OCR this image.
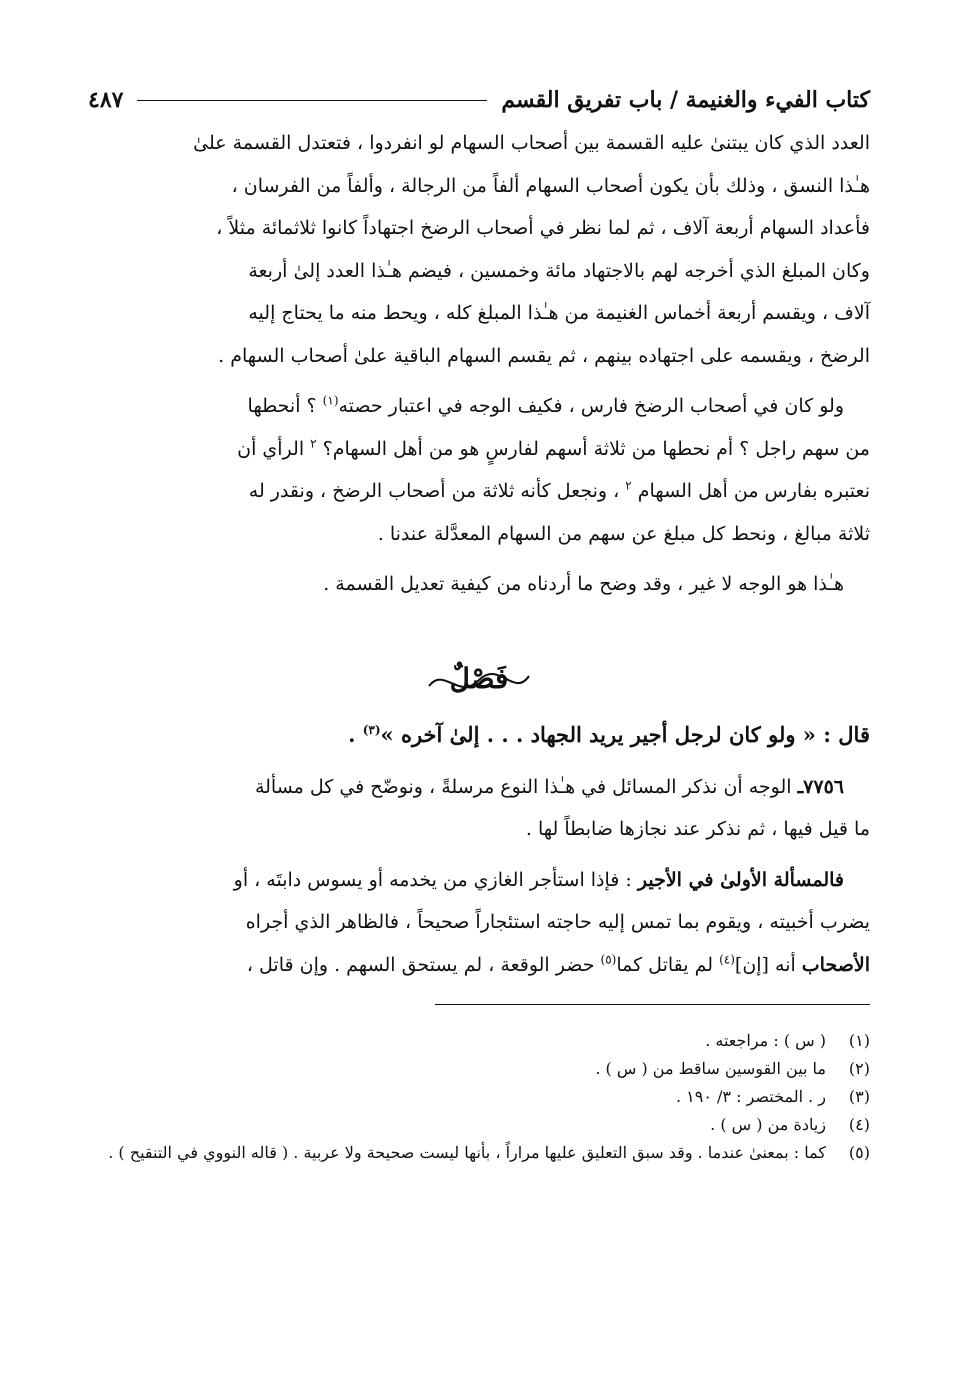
كتاب الفيء والغنيمة / باب تفريق القسم
٤٨٧

العدد الذي كان يبتنىٰ عليه القسمة بين أصحاب السهام لو انفردوا ، فتعتدل القسمة علىٰ
هـٰذا النسق ، وذلك بأن يكون أصحاب السهام ألفاً من الرجالة ، وألفاً من الفرسان ،
فأعداد السهام أربعة آلاف ، ثم لما نظر في أصحاب الرضخ اجتهاداً كانوا ثلاثمائة مثلاً ،
وكان المبلغ الذي أخرجه لهم بالاجتهاد مائة وخمسين ، فيضم هـٰذا العدد إلىٰ أربعة
آلاف ، ويقسم أربعة أخماس الغنيمة من هـٰذا المبلغ كله ، ويحط منه ما يحتاج إليه
الرضخ ، ويقسمه على اجتهاده بينهم ، ثم يقسم السهام الباقية علىٰ أصحاب السهام .

ولو كان في أصحاب الرضخ فارس ، فكيف الوجه في اعتبار حصته$^{(١)}$ ؟ أنحطها
من سهم راجل ؟ أم نحطها من ثلاثة أسهم لفارسٍ هو من أهل السهام؟ $^٢$ الرأي أن
نعتبره بفارس من أهل السهام $^٢$ ، ونجعل كأنه ثلاثة من أصحاب الرضخ ، ونقدر له
ثلاثة مبالغ ، ونحط كل مبلغ عن سهم من السهام المعدَّلة عندنا .

هـٰذا هو الوجه لا غير ، وقد وضح ما أردناه من كيفية تعديل القسمة .

فَصْلٌ

قال : « ولو كان لرجل أجير يريد الجهاد . . . إلىٰ آخره »$^{(٣)}$ .

٧٧٥٦ـ الوجه أن نذكر المسائل في هـٰذا النوع مرسلةً ، ونوضّح في كل مسألة
ما قيل فيها ، ثم نذكر عند نجازها ضابطاً لها .

فالمسألة الأولىٰ في الأجير : فإذا استأجر الغازي من يخدمه أو يسوس دابتَه ، أو
يضرب أخبيته ، ويقوم بما تمس إليه حاجته استئجاراً صحيحاً ، فالظاهر الذي أجراه
الأصحاب أنه [إن]$^{(٤)}$ لم يقاتل كما$^{(٥)}$ حضر الوقعة ، لم يستحق السهم . وإن قاتل ،

(١)
( س ) : مراجعته .
(٢)
ما بين القوسين ساقط من ( س ) .
(٣)
ر . المختصر : ٣/ ١٩٠ .
(٤)
زيادة من ( س ) .
(٥)
كما : بمعنىٰ عندما . وقد سبق التعليق عليها مراراً ، بأنها ليست صحيحة ولا عربية . ( قاله النووي في التنقيح ) .
